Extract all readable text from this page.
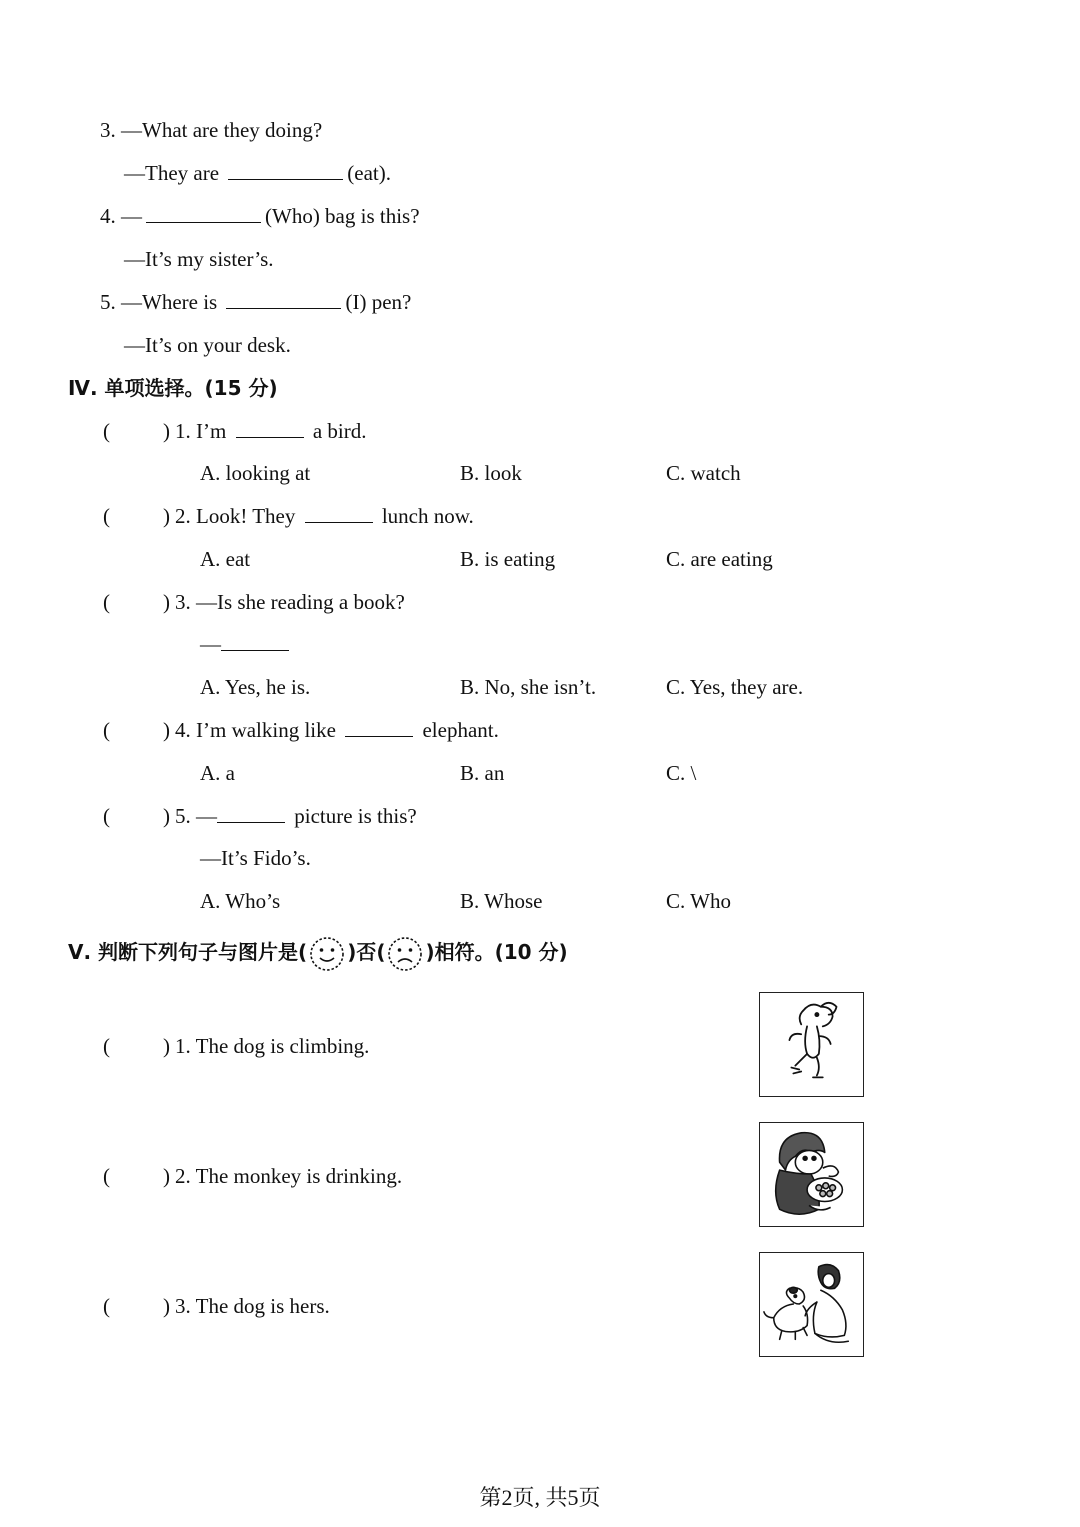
3. —What are they doing?
—They are	(eat).
4. —	(Who) bag is this?
—It’s my sister’s.
5. —Where is	(I) pen?
—It’s on your desk.
Ⅳ. 单项选择。(15 分)
(	) 1. I’m	a bird.
A. looking at	B. look	C. watch
(	) 2. Look! They	lunch now.
A. eat	B. is eating	C. are eating
(	) 3. —Is she reading a book?
—
A. Yes, he is.	B. No, she isn’t.	C. Yes, they are.
(	) 4. I’m walking like	elephant.
A. a	B. an	C. \
(	) 5. —	picture is this?
—It’s Fido’s.
A. Who’s	B. Whose	C. Who
Ⅴ. 判断下列句子与图片是( )否( )相符。(10 分)
(	) 1. The dog is climbing.
(	) 2. The monkey is drinking.
(	) 3. The dog is hers.
第2页, 共5页
